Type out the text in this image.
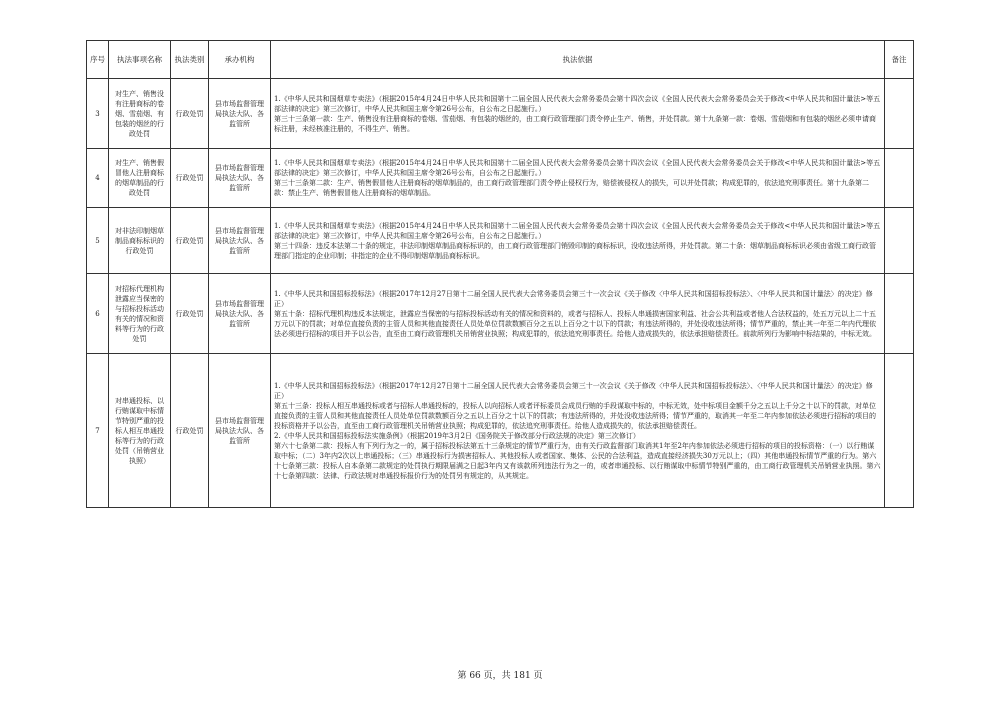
序号	执法事项名称	执法类别	承办机构	执法依据	备注
3	对生产、销售没有注册商标的卷烟、雪茄烟、有包装的烟丝的行政处罚	行政处罚	县市场监督管理局执法大队、各监管所	1.《中华人民共和国烟草专卖法》（根据2015年4月24日中华人民共和国第十二届全国人民代表大会常务委员会第十四次会议《全国人民代表大会常务委员会关于修改<中华人民共和国计量法>等五部法律的决定》第三次修订，中华人民共和国主席令第26号公布，自公布之日起施行。）
第三十三条第一款：生产、销售没有注册商标的卷烟、雪茄烟、有包装的烟丝的，由工商行政管理部门责令停止生产、销售，并处罚款。第十九条第一款：卷烟、雪茄烟和有包装的烟丝必须申请商标注册，未经核准注册的，不得生产、销售。	

4	对生产、销售假冒他人注册商标的烟草制品的行政处罚	行政处罚	县市场监督管理局执法大队、各监管所	1.《中华人民共和国烟草专卖法》（根据2015年4月24日中华人民共和国第十二届全国人民代表大会常务委员会第十四次会议《全国人民代表大会常务委员会关于修改<中华人民共和国计量法>等五部法律的决定》第三次修订，中华人民共和国主席令第26号公布，自公布之日起施行。）
第三十三条第二款：生产、销售假冒他人注册商标的烟草制品的，由工商行政管理部门责令停止侵权行为，赔偿被侵权人的损失，可以并处罚款；构成犯罪的，依法追究刑事责任。第十九条第二款：禁止生产、销售假冒他人注册商标的烟草制品。	

5	对非法印制烟草制品商标标识的行政处罚	行政处罚	县市场监督管理局执法大队、各监管所	1.《中华人民共和国烟草专卖法》（根据2015年4月24日中华人民共和国第十二届全国人民代表大会常务委员会第十四次会议《全国人民代表大会常务委员会关于修改<中华人民共和国计量法>等五部法律的决定》第三次修订，中华人民共和国主席令第26号公布，自公布之日起施行。）
第三十四条：违反本法第二十条的规定，非法印制烟草制品商标标识的，由工商行政管理部门销毁印制的商标标识，没收违法所得，并处罚款。第二十条：烟草制品商标标识必须由省级工商行政管理部门指定的企业印制；非指定的企业不得印制烟草制品商标标识。	

6	对招标代理机构泄露应当保密的与招标投标活动有关的情况和资料等行为的行政处罚	行政处罚	县市场监督管理局执法大队、各监管所	1.《中华人民共和国招标投标法》（根据2017年12月27日第十二届全国人民代表大会常务委员会第三十一次会议《关于修改〈中华人民共和国招标投标法〉、〈中华人民共和国计量法〉的决定》修正）
第五十条：招标代理机构违反本法规定，泄露应当保密的与招标投标活动有关的情况和资料的，或者与招标人、投标人串通损害国家利益、社会公共利益或者他人合法权益的，处五万元以上二十五万元以下的罚款；对单位直接负责的主管人员和其他直接责任人员处单位罚款数额百分之五以上百分之十以下的罚款；有违法所得的，并处没收违法所得；情节严重的，禁止其一年至二年内代理依法必须进行招标的项目并予以公告，直至由工商行政管理机关吊销营业执照；构成犯罪的，依法追究刑事责任。给他人造成损失的，依法承担赔偿责任。前款所列行为影响中标结果的，中标无效。	

7	对串通投标、以行贿谋取中标情节特别严重的投标人相互串通投标等行为的行政处罚（吊销营业执照）	行政处罚	县市场监督管理局执法大队、各监管所	1.《中华人民共和国招标投标法》（根据2017年12月27日第十二届全国人民代表大会常务委员会第三十一次会议《关于修改〈中华人民共和国招标投标法〉、〈中华人民共和国计量法〉的决定》修正）
第五十三条：投标人相互串通投标或者与招标人串通投标的，投标人以向招标人或者评标委员会成员行贿的手段谋取中标的，中标无效，处中标项目金额千分之五以上千分之十以下的罚款，对单位直接负责的主管人员和其他直接责任人员处单位罚款数额百分之五以上百分之十以下的罚款；有违法所得的，并处没收违法所得；情节严重的，取消其一年至二年内参加依法必须进行招标的项目的投标资格并予以公告，直至由工商行政管理机关吊销营业执照；构成犯罪的，依法追究刑事责任。给他人造成损失的，依法承担赔偿责任。
2.《中华人民共和国招标投标法实施条例》（根据2019年3月2日《国务院关于修改部分行政法规的决定》第三次修订）
第六十七条第二款：投标人有下列行为之一的，属于招标投标法第五十三条规定的情节严重行为，由有关行政监督部门取消其1年至2年内参加依法必须进行招标的项目的投标资格：（一）以行贿谋取中标；（二）3年内2次以上串通投标；（三）串通投标行为损害招标人、其他投标人或者国家、集体、公民的合法利益，造成直接经济损失30万元以上；（四）其他串通投标情节严重的行为。第六十七条第三款：投标人自本条第二款规定的处罚执行期限届满之日起3年内又有该款所列违法行为之一的，或者串通投标、以行贿谋取中标情节特别严重的，由工商行政管理机关吊销营业执照。第六十七条第四款：法律、行政法规对串通投标报价行为的处罚另有规定的，从其规定。	

第 66 页，共 181 页
